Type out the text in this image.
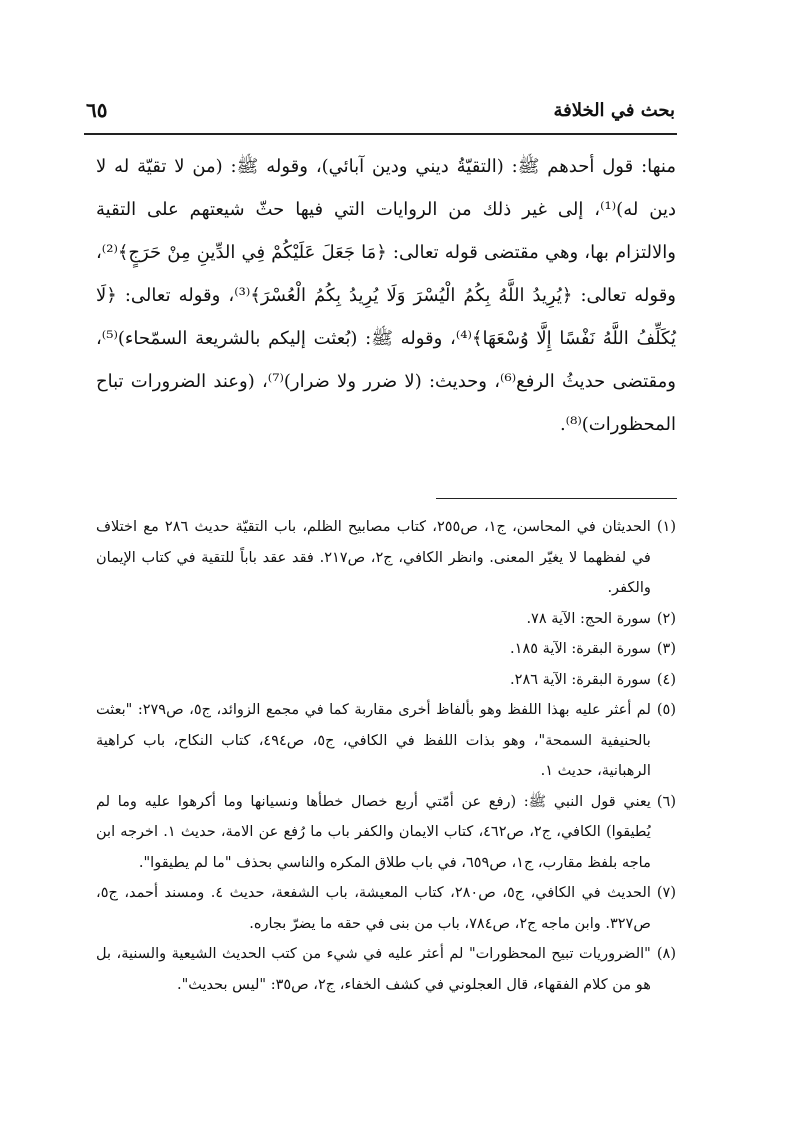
بحث في الخلافة
٦٥

منها: قول أحدهم ﷺ: (التقيّةُ ديني ودين آبائي)، وقوله ﷺ: (من لا تقيّة له لا دين له)⁽¹⁾، إلى غير ذلك من الروايات التي فيها حثّ شيعتهم على التقية والالتزام بها، وهي مقتضى قوله تعالى: ﴿مَا جَعَلَ عَلَيْكُمْ فِي الدِّينِ مِنْ حَرَجٍ﴾⁽²⁾، وقوله تعالى: ﴿يُرِيدُ اللَّهُ بِكُمُ الْيُسْرَ وَلَا يُرِيدُ بِكُمُ الْعُسْرَ﴾⁽³⁾، وقوله تعالى: ﴿لَا يُكَلِّفُ اللَّهُ نَفْسًا إِلَّا وُسْعَهَا﴾⁽⁴⁾، وقوله ﷺ: (بُعثت إليكم بالشريعة السمّحاء)⁽⁵⁾، ومقتضى حديثُ الرفع⁽⁶⁾، وحديث: (لا ضرر ولا ضرار)⁽⁷⁾، (وعند الضرورات تباح المحظورات)⁽⁸⁾.

(١)
الحديثان في المحاسن، ج١، ص٢٥٥، كتاب مصابيح الظلم، باب التقيّة حديث ٢٨٦ مع اختلاف في لفظهما لا يغيّر المعنى. وانظر الكافي، ج٢، ص٢١٧. فقد عقد باباً للتقية في كتاب الإيمان والكفر.
(٢)
سورة الحج: الآية ٧٨.
(٣)
سورة البقرة: الآية ١٨٥.
(٤)
سورة البقرة: الآية ٢٨٦.
(٥)
لم أعثر عليه بهذا اللفظ وهو بألفاظ أخرى مقاربة كما في مجمع الزوائد، ج٥، ص٢٧٩: "بعثت بالحنيفية السمحة"، وهو بذات اللفظ في الكافي، ج٥، ص٤٩٤، كتاب النكاح، باب كراهية الرهبانية، حديث ١.
(٦)
يعني قول النبي ﷺ: (رفع عن أمّتي أربع خصال خطأها ونسيانها وما أكرهوا عليه وما لم يُطيقوا) الكافي، ج٢، ص٤٦٢، كتاب الايمان والكفر باب ما رُفع عن الامة، حديث ١. اخرجه ابن ماجه بلفظ مقارب، ج١، ص٦٥٩، في باب طلاق المكره والناسي بحذف "ما لم يطيقوا".
(٧)
الحديث في الكافي، ج٥، ص٢٨٠، كتاب المعيشة، باب الشفعة، حديث ٤. ومسند أحمد، ج٥، ص٣٢٧. وابن ماجه ج٢، ص٧٨٤، باب من بنى في حقه ما يضرّ بجاره.
(٨)
"الضروريات تبيح المحظورات" لم أعثر عليه في شيء من كتب الحديث الشيعية والسنية، بل هو من كلام الفقهاء، قال العجلوني في كشف الخفاء، ج٢، ص٣٥: "ليس بحديث".
